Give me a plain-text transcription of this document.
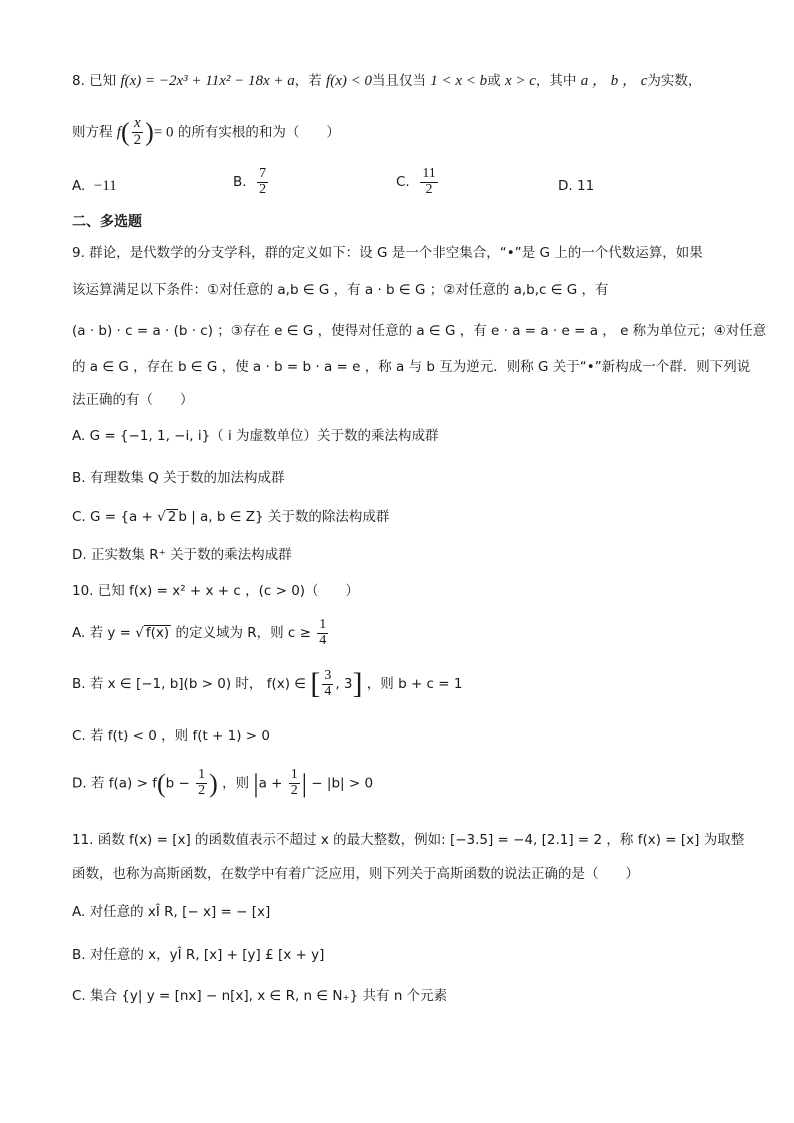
8. 已知 f(x) = −2x³ + 11x² − 18x + a，若 f(x) < 0当且仅当 1 < x < b或 x > c，其中 a ， b ， c为实数，
则方程 $f( \frac{x}{2}$ )= 0 的所有实根的和为（　　）
A. −11	B. $\frac{7}{2}$	C. $\frac{11}{2}$	D. 11
二、多选题
9. 群论，是代数学的分支学科，群的定义如下：设 G 是一个非空集合，“•”是 G 上的一个代数运算，如果
该运算满足以下条件：①对任意的 a,b ∈ G ，有 a · b ∈ G ；②对任意的 a,b,c ∈ G ，有
(a · b) · c = a · (b · c) ；③存在 e ∈ G ，使得对任意的 a ∈ G ，有 e · a = a · e = a ， e 称为单位元；④对任意
的 a ∈ G ，存在 b ∈ G ，使 a · b = b · a = e ，称 a 与 b 互为逆元．则称 G 关于“•”新构成一个群．则下列说
法正确的有（　　）
A. G = {−1, 1, −i, i}（ i 为虚数单位）关于数的乘法构成群
B. 有理数集 Q 关于数的加法构成群
C. G = {a + √ 2 b | a, b ∈ Z} 关于数的除法构成群
D. 正实数集 R⁺ 关于数的乘法构成群
10. 已知 f(x) = x² + x + c ，(c > 0)（　　）
A. 若 y = √ f(x) 的定义域为 R，则 $c \ge \frac{1}{4}$
B. 若 x ∈ [−1, b](b > 0) 时， f(x) ∈ [ $\frac{3}{4}$ , 3] ，则 b + c = 1
C. 若 f(t) < 0 ，则 f(t + 1) > 0
D. 若 $f(a) > f(b - \frac{1}{2}$ ) ，则 $|a + \frac{1}{2}$ | − |b| > 0
11. 函数 f(x) = [x] 的函数值表示不超过 x 的最大整数，例如: [−3.5] = −4, [2.1] = 2 ，称 f(x) = [x] 为取整
函数，也称为高斯函数，在数学中有着广泛应用，则下列关于高斯函数的说法正确的是（　　）
A. 对任意的 xÎ R, [− x] = − [x]
B. 对任意的 x，yÎ R, [x] + [y] £ [x + y]
C. 集合 {y| y = [nx] − n[x], x ∈ R, n ∈ N₊} 共有 n 个元素
